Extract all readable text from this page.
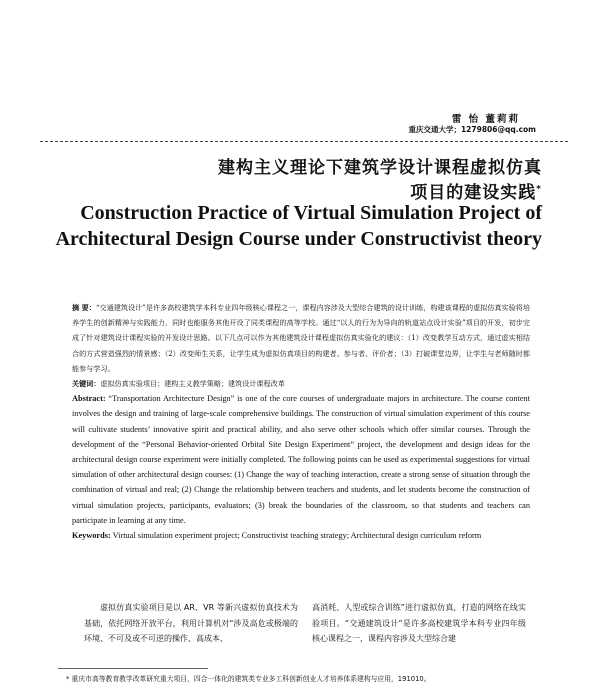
雷 怡 董莉莉
重庆交通大学；1279806@qq.com
建构主义理论下建筑学设计课程虚拟仿真
项目的建设实践*
Construction Practice of Virtual Simulation Project of
Architectural Design Course under Constructivist theory

摘 要：“交通建筑设计”是许多高校建筑学本科专业四年级核心课程之一，课程内容涉及大型综合建筑的设计训练，构建该课程的虚拟仿真实验将培养学生的创新精神与实践能力，同时也能服务其他开设了同类课程的高等学校。通过“以人的行为为导向的轨道站点设计实验”项目的开发，初步完成了针对建筑设计课程实验的开发设计思路。以下几点可以作为其他建筑设计课程虚拟仿真实验化的建议：（1）改变教学互动方式，通过虚实相结合的方式营造强烈的情景感；（2）改变师生关系，让学生成为虚拟仿真项目的构建者、参与者、评价者；（3）打破课堂边界，让学生与老师随时都能参与学习。

关键词：虚拟仿真实验项目；建构主义教学策略；建筑设计课程改革

Abstract: “Transportation Architecture Design” is one of the core courses of undergraduate majors in architecture. The course content involves the design and training of large-scale comprehensive buildings. The construction of virtual simulation experiment of this course will cultivate students’ innovative spirit and practical ability, and also serve other schools which offer similar courses. Through the development of the “Personal Behavior-oriented Orbital Site Design Experiment” project, the development and design ideas for the architectural design course experiment were initially completed. The following points can be used as experimental suggestions for virtual simulation of other architectural design courses: (1) Change the way of teaching interaction, create a strong sense of situation through the combination of virtual and real; (2) Change the relationship between teachers and students, and let students become the construction of virtual simulation projects, participants, evaluators; (3) break the boundaries of the classroom, so that students and teachers can participate in learning at any time.

Keywords: Virtual simulation experiment project; Constructivist teaching strategy; Architectural design curriculum reform

虚拟仿真实验项目是以 AR、VR 等新兴虚拟仿真技术为基础，依托网络开放平台，利用计算机对“涉及高危或极端的环境、不可及或不可逆的操作、高成本、
高消耗、人型或综合训练”进行虚拟仿真，打造的网络在线实验项目。“交通建筑设计”是许多高校建筑学本科专业四年级核心课程之一，课程内容涉及大型综合建
* 重庆市高等教育教学改革研究重大项目，四合一体化的建筑类专业多工科创新创业人才培养体系建构与应用，191010。
